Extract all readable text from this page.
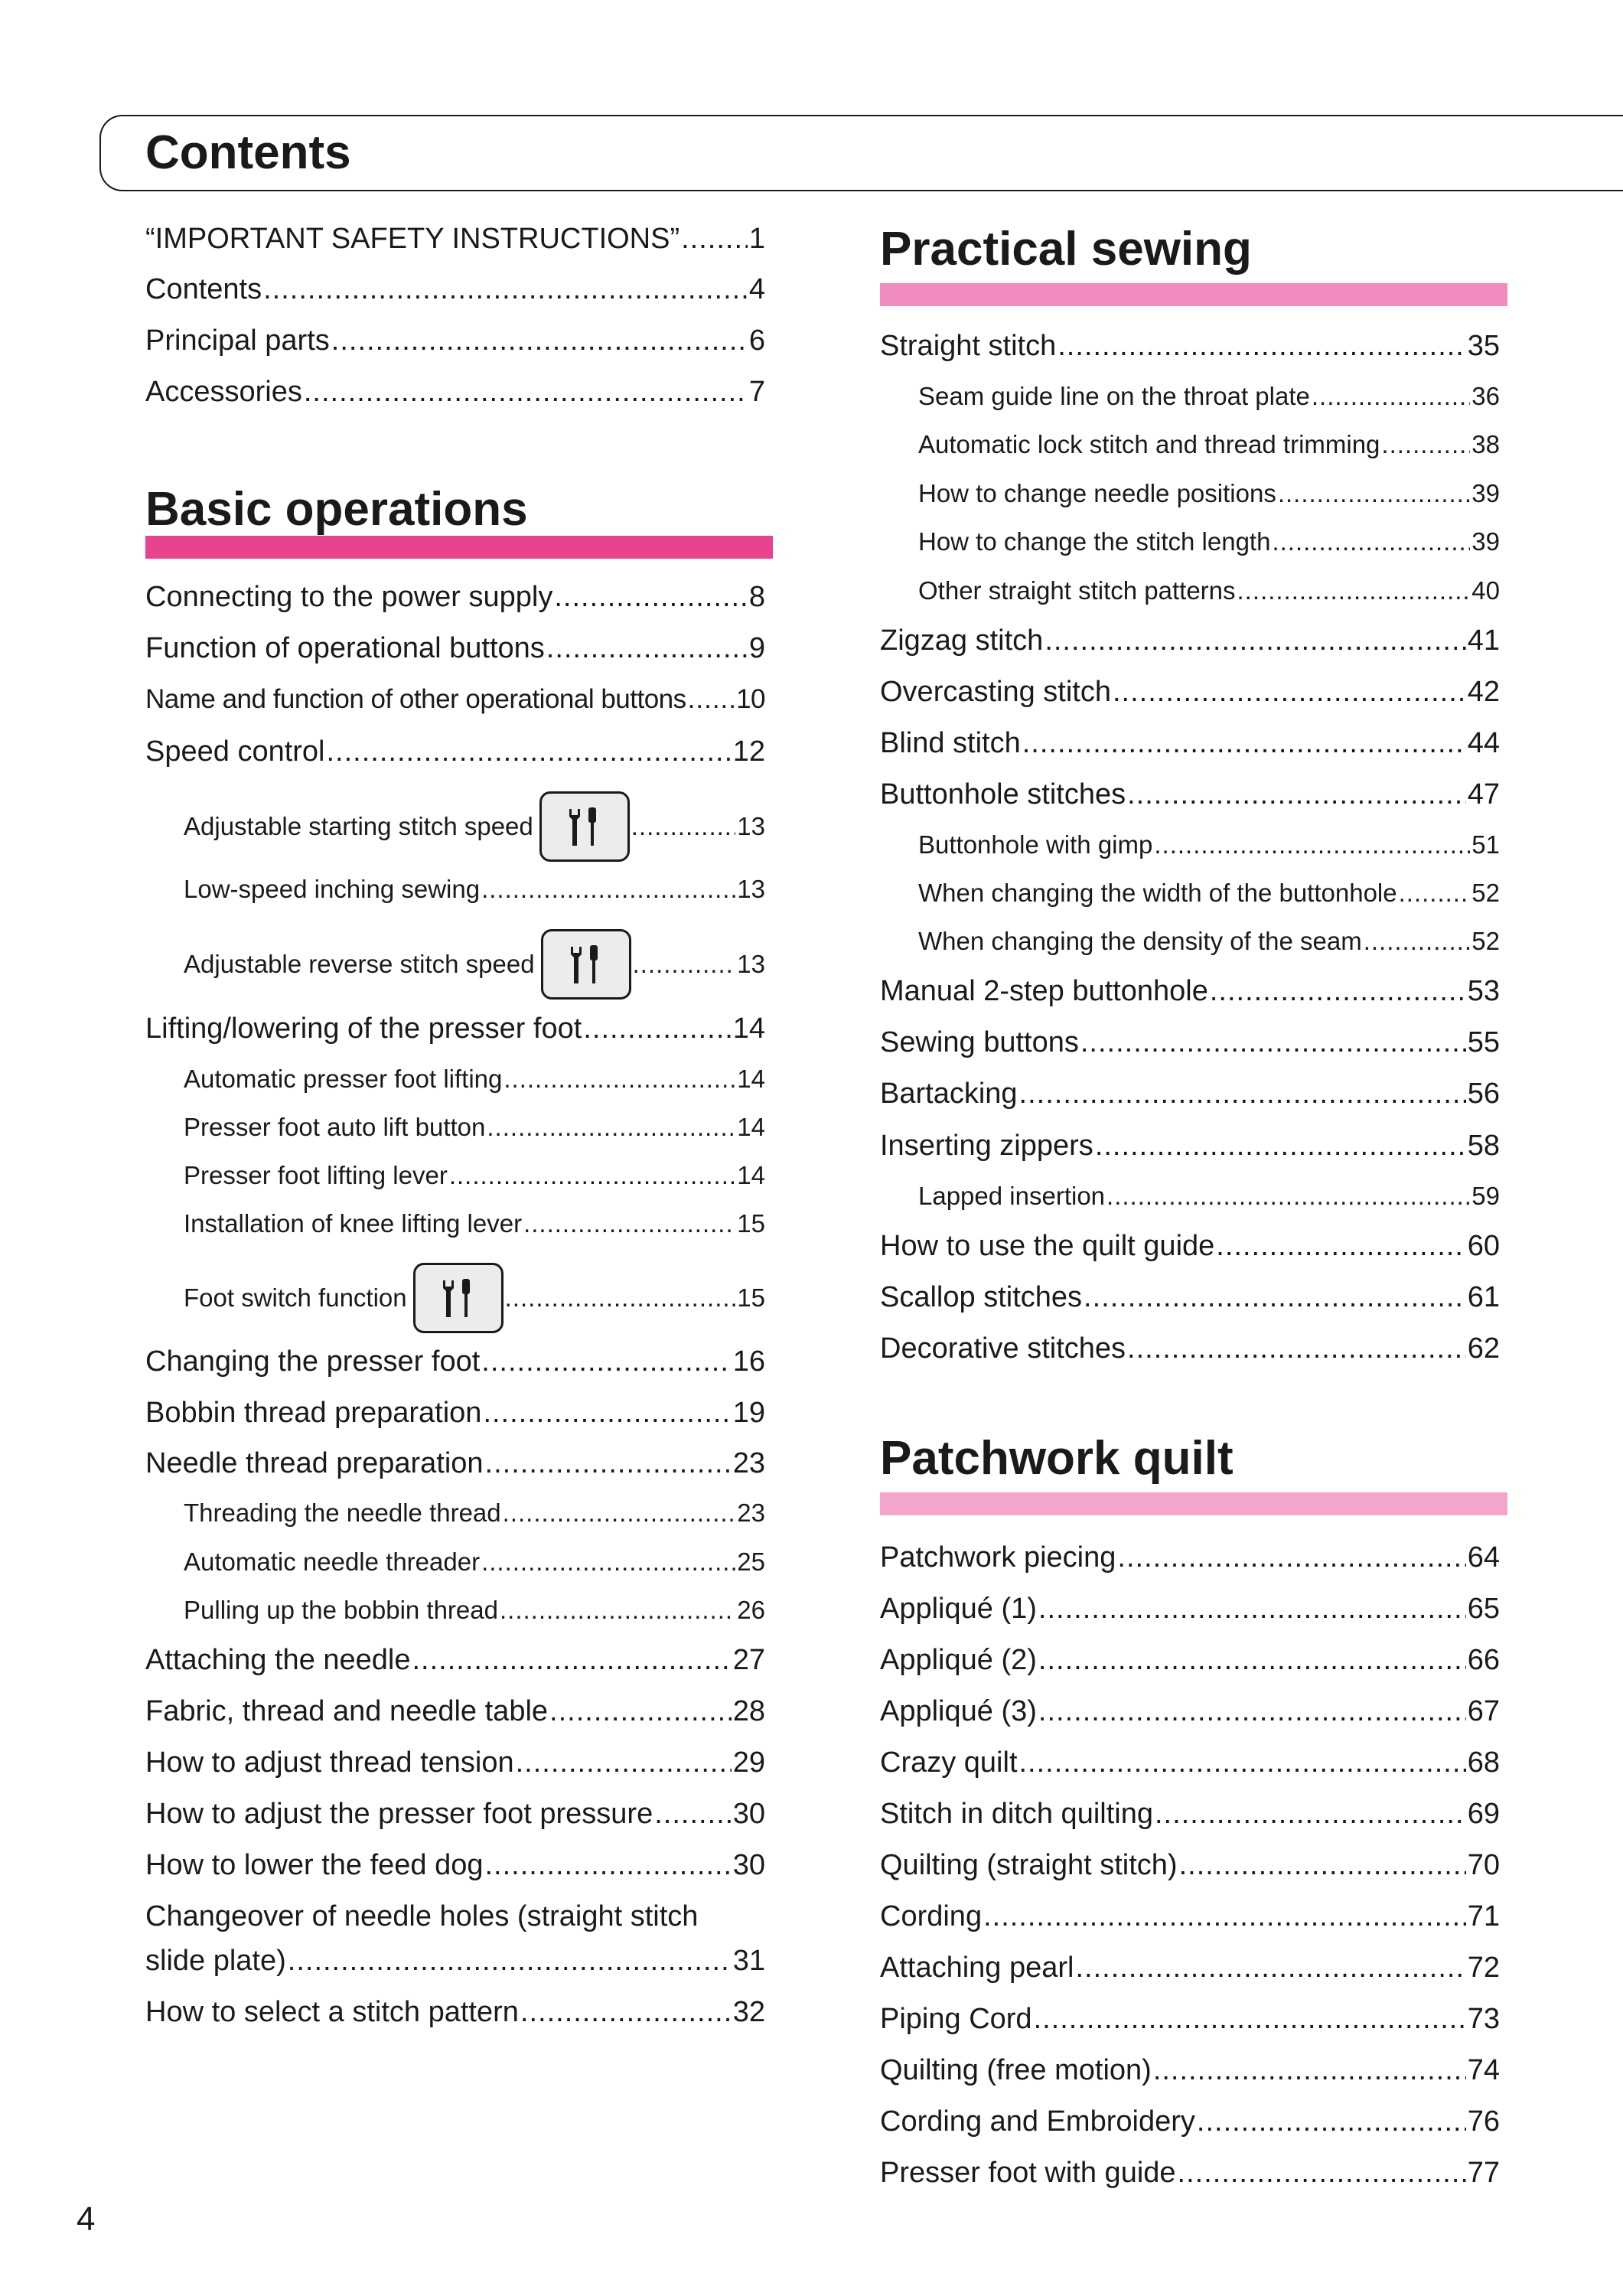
Contents
“IMPORTANT SAFETY INSTRUCTIONS” ..... 1
Contents .....	4
Principal parts .....	6
Accessories .....	7
Basic operations
Connecting to the power supply .....	8
Function of operational buttons .....	9
Name and function of other operational buttons ..... 10
Speed control .....	12
Adjustable starting stitch speed .....	13
Low-speed inching sewing .....	13
Adjustable reverse stitch speed .....	13
Lifting/lowering of the presser foot .....	14
Automatic presser foot lifting .....	14
Presser foot auto lift button .....	14
Presser foot lifting lever .....	14
Installation of knee lifting lever .....	15
Foot switch function .....	15
Changing the presser foot .....	16
Bobbin thread preparation .....	19
Needle thread preparation .....	23
Threading the needle thread .....	23
Automatic needle threader .....	25
Pulling up the bobbin thread .....	26
Attaching the needle .....	27
Fabric, thread and needle table .....	28
How to adjust thread tension .....	29
How to adjust the presser foot pressure .....	30
How to lower the feed dog .....	30
Changeover of needle holes (straight stitch
slide plate) .....	31
How to select a stitch pattern .....	32
Practical sewing
Straight stitch .....	35
Seam guide line on the throat plate .....	36
Automatic lock stitch and thread trimming .....	38
How to change needle positions .....	39
How to change the stitch length .....	39
Other straight stitch patterns .....	40
Zigzag stitch .....	41
Overcasting stitch .....	42
Blind stitch .....	44
Buttonhole stitches .....	47
Buttonhole with gimp .....	51
When changing the width of the buttonhole .....	52
When changing the density of the seam .....	52
Manual 2-step buttonhole .....	53
Sewing buttons .....	55
Bartacking .....	56
Inserting zippers .....	58
Lapped insertion .....	59
How to use the quilt guide .....	60
Scallop stitches .....	61
Decorative stitches .....	62
Patchwork quilt
Patchwork piecing .....	64
Appliqué (1) .....	65
Appliqué (2) .....	66
Appliqué (3) .....	67
Crazy quilt .....	68
Stitch in ditch quilting .....	69
Quilting (straight stitch) .....	70
Cording .....	71
Attaching pearl .....	72
Piping Cord .....	73
Quilting (free motion) .....	74
Cording and Embroidery .....	76
Presser foot with guide .....	77
4
